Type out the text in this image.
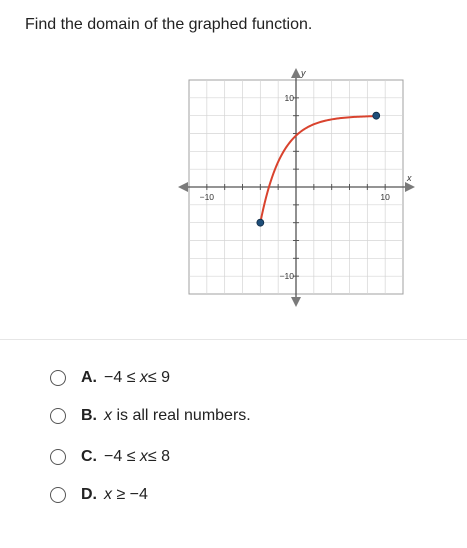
Find the domain of the graphed function.
x
y
−10	10
10
−10
A. −4 ≤ x≤ 9
B. x is all real numbers.
C. −4 ≤ x≤ 8
D. x ≥ −4
